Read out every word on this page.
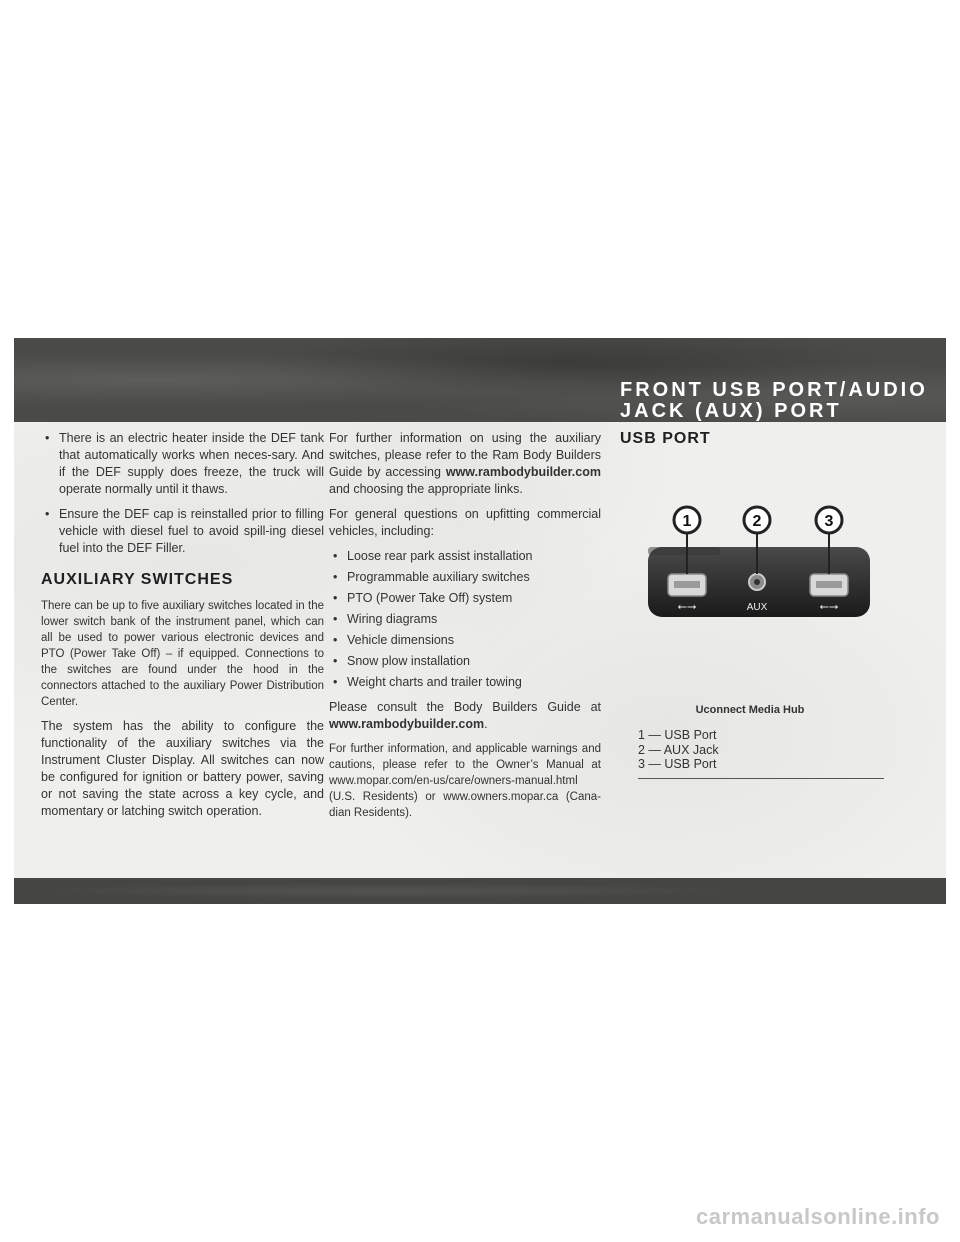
FRONT USB PORT/AUDIO
JACK (AUX) PORT
• There is an electric heater inside the DEF tank that automatically works when neces-sary. And if the DEF supply does freeze, the truck will operate normally until it thaws.
• Ensure the DEF cap is reinstalled prior to filling vehicle with diesel fuel to avoid spill-ing diesel fuel into the DEF Filler.
AUXILIARY SWITCHES

There can be up to five auxiliary switches located in the lower switch bank of the instrument panel, which can all be used to power various electronic devices and PTO (Power Take Off) – if equipped. Connections to the switches are found under the hood in the connectors attached to the auxiliary Power Distribution Center.

The system has the ability to configure the functionality of the auxiliary switches via the Instrument Cluster Display. All switches can now be configured for ignition or battery power, saving or not saving the state across a key cycle, and momentary or latching switch operation.

For further information on using the auxiliary switches, please refer to the Ram Body Builders Guide by accessing www.rambodybuilder.com and choosing the appropriate links.

For general questions on upfitting commercial vehicles, including:

• Loose rear park assist installation
• Programmable auxiliary switches
• PTO (Power Take Off) system
• Wiring diagrams
• Vehicle dimensions
• Snow plow installation
• Weight charts and trailer towing

Please consult the Body Builders Guide at www.rambodybuilder.com.

For further information, and applicable warnings and cautions, please refer to the Owner’s Manual at www.mopar.com/en-us/care/owners-manual.html (U.S. Residents) or www.owners.mopar.ca (Cana-dian Residents).

USB PORT
⭠⭢	AUX	⭠⭢
1	2	3
Uconnect Media Hub
1 — USB Port
2 — AUX Jack
3 — USB Port
carmanualsonline.info
